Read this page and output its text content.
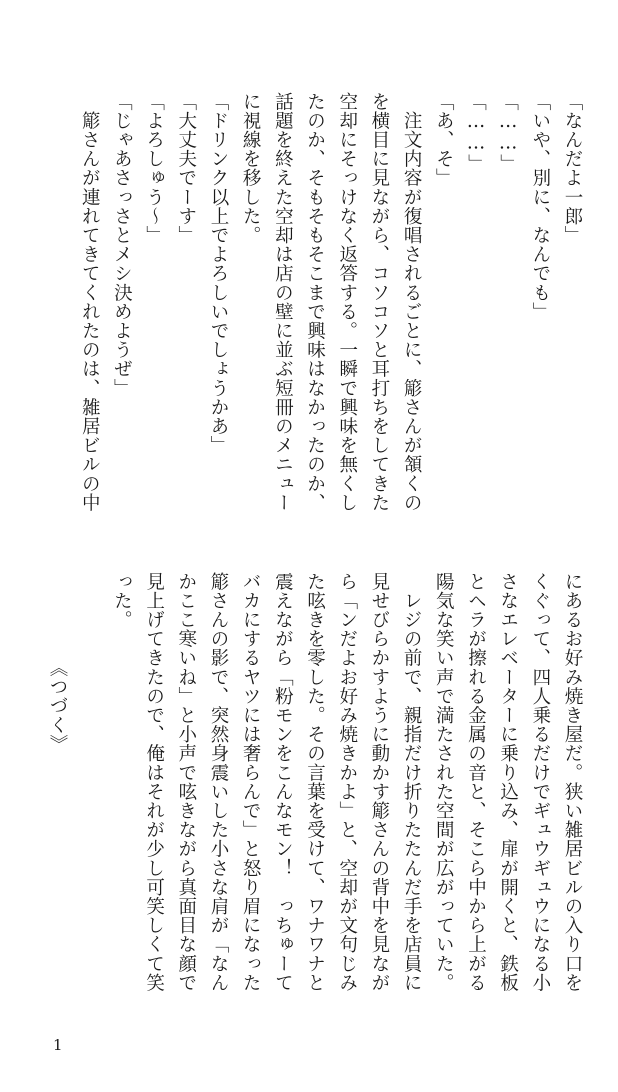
「なんだよ一郎」
「いや、別に、なんでも」
「……」
「……」
「あ、そ」
　注文内容が復唱されるごとに、簓さんが頷くの
を横目に見ながら、コソコソと耳打ちをしてきた
空却にそっけなく返答する。一瞬で興味を無くし
たのか、そもそもそこまで興味はなかったのか、
話題を終えた空却は店の壁に並ぶ短冊のメニュー
に視線を移した。
「ドリンク以上でよろしいでしょうかあ」
「大丈夫でーす」
「よろしゅう〜」
「じゃあさっさとメシ決めようぜ」
　簓さんが連れてきてくれたのは、雑居ビルの中
にあるお好み焼き屋だ。狭い雑居ビルの入り口を
くぐって、四人乗るだけでギュウギュウになる小
さなエレベーターに乗り込み、扉が開くと、鉄板
とヘラが擦れる金属の音と、そこら中から上がる
陽気な笑い声で満たされた空間が広がっていた。
　レジの前で、親指だけ折りたたんだ手を店員に
見せびらかすように動かす簓さんの背中を見なが
ら「ンだよお好み焼きかよ」と、空却が文句じみ
た呟きを零した。その言葉を受けて、ワナワナと
震えながら「粉モンをこんなモン！　っちゅーて
バカにするヤツには奢らんで」と怒り眉になった
簓さんの影で、突然身震いした小さな肩が「なん
かここ寒いね」と小声で呟きながら真面目な顔で
見上げてきたので、俺はそれが少し可笑しくて笑
った。

　　　　　《つづく》
1
